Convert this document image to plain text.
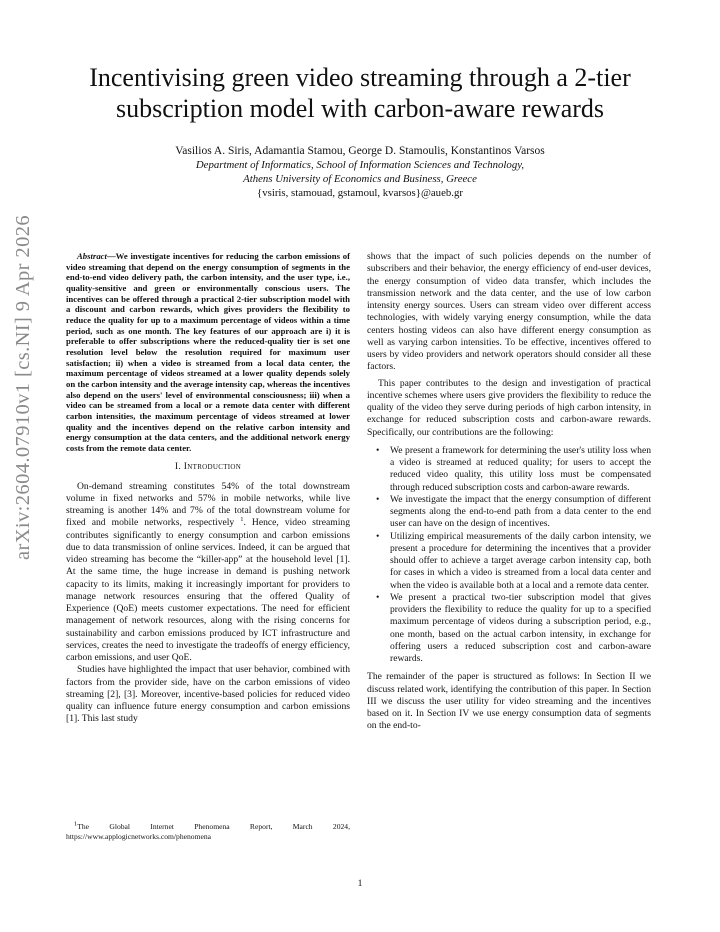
arXiv:2604.07910v1 [cs.NI] 9 Apr 2026
Incentivising green video streaming through a 2-tier subscription model with carbon-aware rewards
Vasilios A. Siris, Adamantia Stamou, George D. Stamoulis, Konstantinos Varsos
Department of Informatics, School of Information Sciences and Technology,
Athens University of Economics and Business, Greece
{vsiris, stamouad, gstamoul, kvarsos}@aueb.gr

Abstract—We investigate incentives for reducing the carbon emissions of video streaming that depend on the energy consumption of segments in the end-to-end video delivery path, the carbon intensity, and the user type, i.e., quality-sensitive and green or environmentally conscious users. The incentives can be offered through a practical 2-tier subscription model with a discount and carbon rewards, which gives providers the flexibility to reduce the quality for up to a maximum percentage of videos within a time period, such as one month. The key features of our approach are i) it is preferable to offer subscriptions where the reduced-quality tier is set one resolution level below the resolution required for maximum user satisfaction; ii) when a video is streamed from a local data center, the maximum percentage of videos streamed at a lower quality depends solely on the carbon intensity and the average intensity cap, whereas the incentives also depend on the users' level of environmental consciousness; iii) when a video can be streamed from a local or a remote data center with different carbon intensities, the maximum percentage of videos streamed at lower quality and the incentives depend on the relative carbon intensity and energy consumption at the data centers, and the additional network energy costs from the remote data center.

I. Introduction

On-demand streaming constitutes 54% of the total downstream volume in fixed networks and 57% in mobile networks, while live streaming is another 14% and 7% of the total downstream volume for fixed and mobile networks, respectively $^1$. Hence, video streaming contributes significantly to energy consumption and carbon emissions due to data transmission of online services. Indeed, it can be argued that video streaming has become the “killer-app” at the household level [1]. At the same time, the huge increase in demand is pushing network capacity to its limits, making it increasingly important for providers to manage network resources ensuring that the offered Quality of Experience (QoE) meets customer expectations. The need for efficient management of network resources, along with the rising concerns for sustainability and carbon emissions produced by ICT infrastructure and services, creates the need to investigate the tradeoffs of energy efficiency, carbon emissions, and user QoE.

Studies have highlighted the impact that user behavior, combined with factors from the provider side, have on the carbon emissions of video streaming [2], [3]. Moreover, incentive-based policies for reduced video quality can influence future energy consumption and carbon emissions [1]. This last study

$^1$The Global Internet Phenomena Report, March 2024, https://www.applogicnetworks.com/phenomena

shows that the impact of such policies depends on the number of subscribers and their behavior, the energy efficiency of end-user devices, the energy consumption of video data transfer, which includes the transmission network and the data center, and the use of low carbon intensity energy sources. Users can stream video over different access technologies, with widely varying energy consumption, while the data centers hosting videos can also have different energy consumption as well as varying carbon intensities. To be effective, incentives offered to users by video providers and network operators should consider all these factors.

This paper contributes to the design and investigation of practical incentive schemes where users give providers the flexibility to reduce the quality of the video they serve during periods of high carbon intensity, in exchange for reduced subscription costs and carbon-aware rewards. Specifically, our contributions are the following:

• We present a framework for determining the user's utility loss when a video is streamed at reduced quality; for users to accept the reduced video quality, this utility loss must be compensated through reduced subscription costs and carbon-aware rewards.
• We investigate the impact that the energy consumption of different segments along the end-to-end path from a data center to the end user can have on the design of incentives.
• Utilizing empirical measurements of the daily carbon intensity, we present a procedure for determining the incentives that a provider should offer to achieve a target average carbon intensity cap, both for cases in which a video is streamed from a local data center and when the video is available both at a local and a remote data center.
• We present a practical two-tier subscription model that gives providers the flexibility to reduce the quality for up to a specified maximum percentage of videos during a subscription period, e.g., one month, based on the actual carbon intensity, in exchange for offering users a reduced subscription cost and carbon-aware rewards.

The remainder of the paper is structured as follows: In Section II we discuss related work, identifying the contribution of this paper. In Section III we discuss the user utility for video streaming and the incentives based on it. In Section IV we use energy consumption data of segments on the end-to-

1
